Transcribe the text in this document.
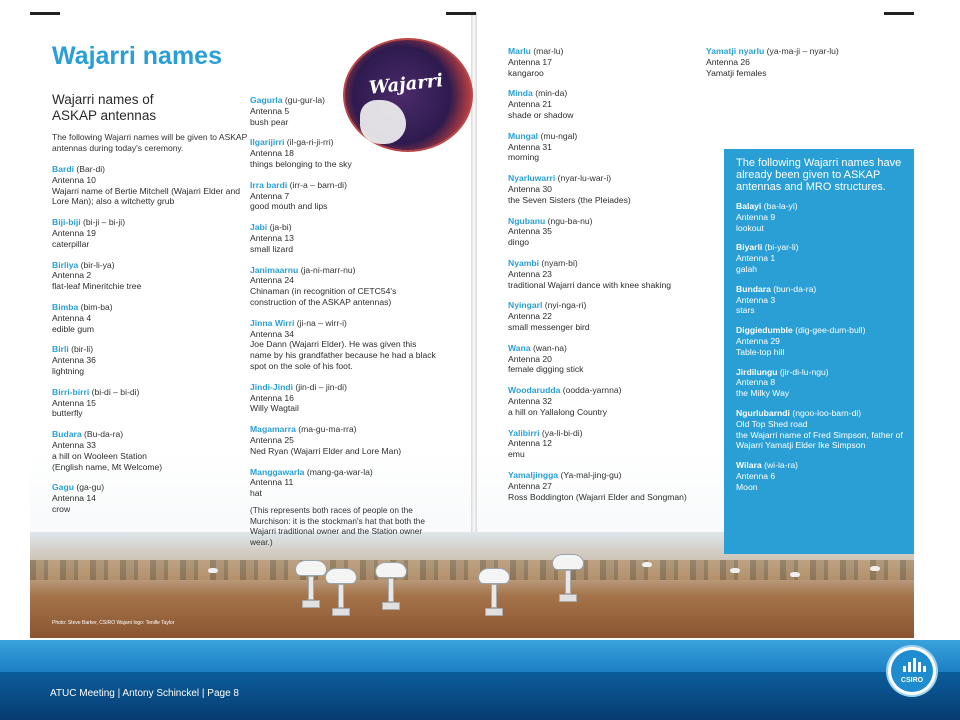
Wajarri names
Wajarri names of ASKAP antennas
The following Wajarri names will be given to ASKAP antennas during today's ceremony.
Wajarri
Bardi (Bar-di)
Antenna 10
Wajarri name of Bertie Mitchell (Wajarri Elder and Lore Man); also a witchetty grub
Biji-biji (bi-ji – bi-ji)
Antenna 19
caterpillar
Birliya (bir-li-ya)
Antenna 2
flat-leaf Mineritchie tree
Bimba (bim-ba)
Antenna 4
edible gum
Birli (bir-li)
Antenna 36
lightning
Birri-birri (bi-di – bi-di)
Antenna 15
butterfly
Budara (Bu-da-ra)
Antenna 33
a hill on Wooleen Station
(English name, Mt Welcome)
Gagu (ga-gu)
Antenna 14
crow
Gagurla (gu-gur-la)
Antenna 5
bush pear
Ilgarijirri (il-ga-ri-ji-rri)
Antenna 18
things belonging to the sky
Irra bardi (irr-a – barn-di)
Antenna 7
good mouth and lips
Jabi (ja-bi)
Antenna 13
small lizard
Janimaarnu (ja-ni-marr-nu)
Antenna 24
Chinaman (in recognition of CETC54's construction of the ASKAP antennas)
Jinna Wirri (ji-na – wirr-i)
Antenna 34
Joe Dann (Wajarri Elder). He was given this name by his grandfather because he had a black spot on the sole of his foot.
Jindi-Jindi (jin-di – jin-di)
Antenna 16
Willy Wagtail
Magamarra (ma-gu-ma-rra)
Antenna 25
Ned Ryan (Wajarri Elder and Lore Man)
Manggawarla (mang-ga-war-la)
Antenna 11
hat
(This represents both races of people on the Murchison: it is the stockman's hat that both the Wajarri traditional owner and the Station owner wear.)
Marlu (mar-lu)
Antenna 17
kangaroo
Minda (min-da)
Antenna 21
shade or shadow
Mungal (mu-ngal)
Antenna 31
morning
Nyarluwarri (nyar-lu-war-i)
Antenna 30
the Seven Sisters (the Pleiades)
Ngubanu (ngu-ba-nu)
Antenna 35
dingo
Nyambi (nyam-bi)
Antenna 23
traditional Wajarri dance with knee shaking
Nyingarl (nyi-nga-ri)
Antenna 22
small messenger bird
Wana (wan-na)
Antenna 20
female digging stick
Woodarudda (oodda-yarnna)
Antenna 32
a hill on Yallalong Country
Yalibirri (ya-li-bi-di)
Antenna 12
emu
Yamaljingga (Ya-mal-jing-gu)
Antenna 27
Ross Boddington (Wajarri Elder and Songman)
Yamatji nyarlu (ya-ma-ji – nyar-lu)
Antenna 26
Yamatji females
The following Wajarri names have already been given to ASKAP antennas and MRO structures.
Balayi (ba-la-yi)
Antenna 9
lookout
Biyarli (bi-yar-li)
Antenna 1
galah
Bundara (bun-da-ra)
Antenna 3
stars
Diggiedumble (dig-gee-dum-bull)
Antenna 29
Table-top hill
Jirdilungu (jir-di-lu-ngu)
Antenna 8
the Milky Way
Ngurlubarndi (ngoo-loo-barn-di)
Old Top Shed road
the Wajarri name of Fred Simpson, father of Wajarri Yamatji Elder Ike Simpson
Wilara (wi-la-ra)
Antenna 6
Moon
Photo: Steve Barker, CSIRO Wajarri logo: Tenille Taylor
ATUC Meeting | Antony Schinckel | Page 8
CSIRO
